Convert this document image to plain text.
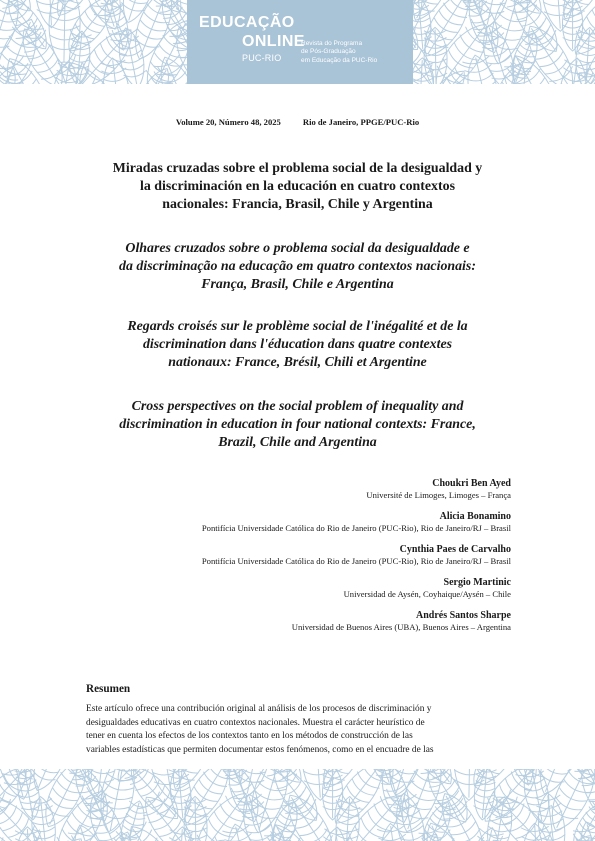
EDUCAÇÃO
ONLINE
PUC-RIO
Revista do Programa
de Pós-Graduação
em Educação da PUC-Rio
Volume 20, Número 48, 2025	Rio de Janeiro, PPGE/PUC-Rio
Miradas cruzadas sobre el problema social de la desigualdad y
la discriminación en la educación en cuatro contextos
nacionales: Francia, Brasil, Chile y Argentina
Olhares cruzados sobre o problema social da desigualdade e
da discriminação na educação em quatro contextos nacionais:
França, Brasil, Chile e Argentina
Regards croisés sur le problème social de l'inégalité et de la
discrimination dans l'éducation dans quatre contextes
nationaux: France, Brésil, Chili et Argentine
Cross perspectives on the social problem of inequality and
discrimination in education in four national contexts: France,
Brazil, Chile and Argentina
Choukri Ben Ayed
Université de Limoges, Limoges – França
Alicia Bonamino
Pontifícia Universidade Católica do Rio de Janeiro (PUC-Rio), Rio de Janeiro/RJ – Brasil
Cynthia Paes de Carvalho
Pontifícia Universidade Católica do Rio de Janeiro (PUC-Rio), Rio de Janeiro/RJ – Brasil
Sergio Martinic
Universidad de Aysén, Coyhaique/Aysén – Chile
Andrés Santos Sharpe
Universidad de Buenos Aires (UBA), Buenos Aires – Argentina
Resumen
Este artículo ofrece una contribución original al análisis de los procesos de discriminación y
desigualdades educativas en cuatro contextos nacionales. Muestra el carácter heurístico de
tener en cuenta los efectos de los contextos tanto en los métodos de construcción de las
variables estadísticas que permiten documentar estos fenómenos, como en el encuadre de las
